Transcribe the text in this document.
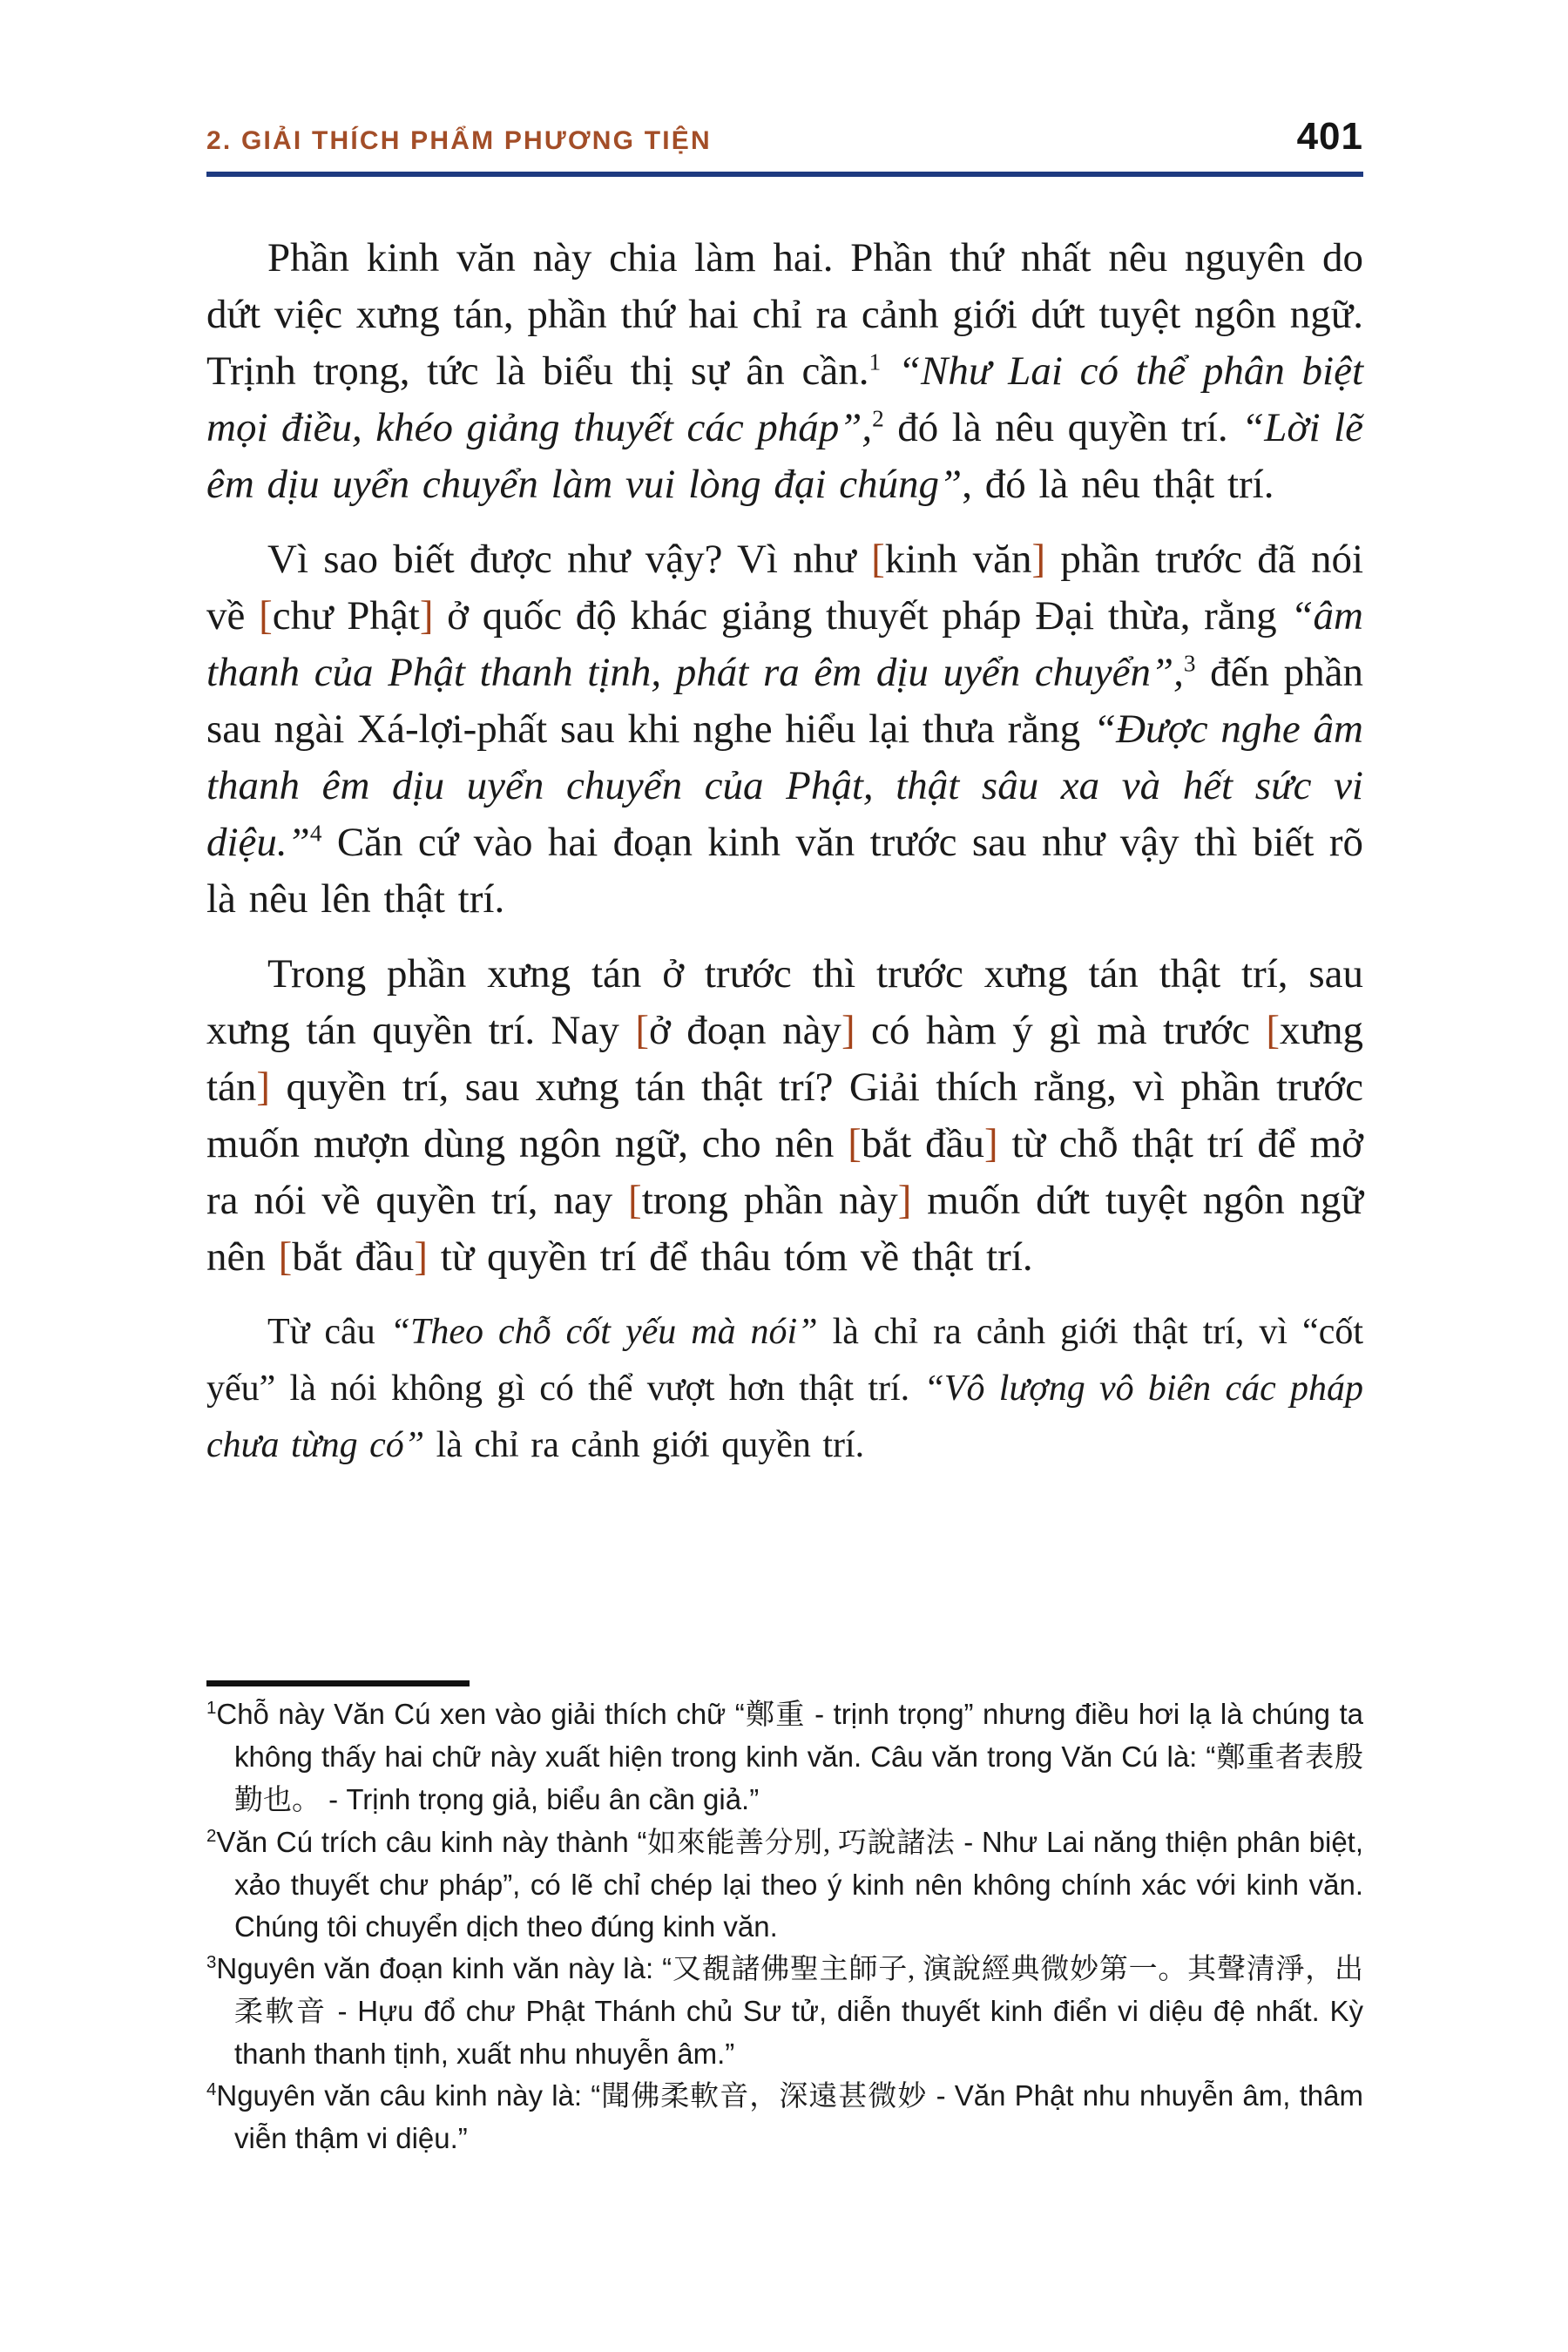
2. GIẢI THÍCH PHẨM PHƯƠNG TIỆN	401

Phần kinh văn này chia làm hai. Phần thứ nhất nêu nguyên do dứt việc xưng tán, phần thứ hai chỉ ra cảnh giới dứt tuyệt ngôn ngữ. Trịnh trọng, tức là biểu thị sự ân cần.$^1$ “Như Lai có thể phân biệt mọi điều, khéo giảng thuyết các pháp”,$^2$ đó là nêu quyền trí. “Lời lẽ êm dịu uyển chuyển làm vui lòng đại chúng”, đó là nêu thật trí.

Vì sao biết được như vậy? Vì như [kinh văn] phần trước đã nói về [chư Phật] ở quốc độ khác giảng thuyết pháp Đại thừa, rằng “âm thanh của Phật thanh tịnh, phát ra êm dịu uyển chuyển”,$^3$ đến phần sau ngài Xá-lợi-phất sau khi nghe hiểu lại thưa rằng “Được nghe âm thanh êm dịu uyển chuyển của Phật, thật sâu xa và hết sức vi diệu.”$^4$ Căn cứ vào hai đoạn kinh văn trước sau như vậy thì biết rõ là nêu lên thật trí.

Trong phần xưng tán ở trước thì trước xưng tán thật trí, sau xưng tán quyền trí. Nay [ở đoạn này] có hàm ý gì mà trước [xưng tán] quyền trí, sau xưng tán thật trí? Giải thích rằng, vì phần trước muốn mượn dùng ngôn ngữ, cho nên [bắt đầu] từ chỗ thật trí để mở ra nói về quyền trí, nay [trong phần này] muốn dứt tuyệt ngôn ngữ nên [bắt đầu] từ quyền trí để thâu tóm về thật trí.

Từ câu “Theo chỗ cốt yếu mà nói” là chỉ ra cảnh giới thật trí, vì “cốt yếu” là nói không gì có thể vượt hơn thật trí. “Vô lượng vô biên các pháp chưa từng có” là chỉ ra cảnh giới quyền trí.

$^1$Chỗ này Văn Cú xen vào giải thích chữ “鄭重 - trịnh trọng” nhưng điều hơi lạ là chúng ta không thấy hai chữ này xuất hiện trong kinh văn. Câu văn trong Văn Cú là: “鄭重者表殷勤也。 - Trịnh trọng giả, biểu ân cần giả.”

$^2$Văn Cú trích câu kinh này thành “如來能善分別, 巧說諸法 - Như Lai năng thiện phân biệt, xảo thuyết chư pháp”, có lẽ chỉ chép lại theo ý kinh nên không chính xác với kinh văn. Chúng tôi chuyển dịch theo đúng kinh văn.

$^3$Nguyên văn đoạn kinh văn này là: “又覩諸佛聖主師子, 演說經典微妙第一。其聲清淨，出柔軟音 - Hựu đổ chư Phật Thánh chủ Sư tử, diễn thuyết kinh điển vi diệu đệ nhất. Kỳ thanh thanh tịnh, xuất nhu nhuyễn âm.”

$^4$Nguyên văn câu kinh này là: “聞佛柔軟音，深遠甚微妙 - Văn Phật nhu nhuyễn âm, thâm viễn thậm vi diệu.”
